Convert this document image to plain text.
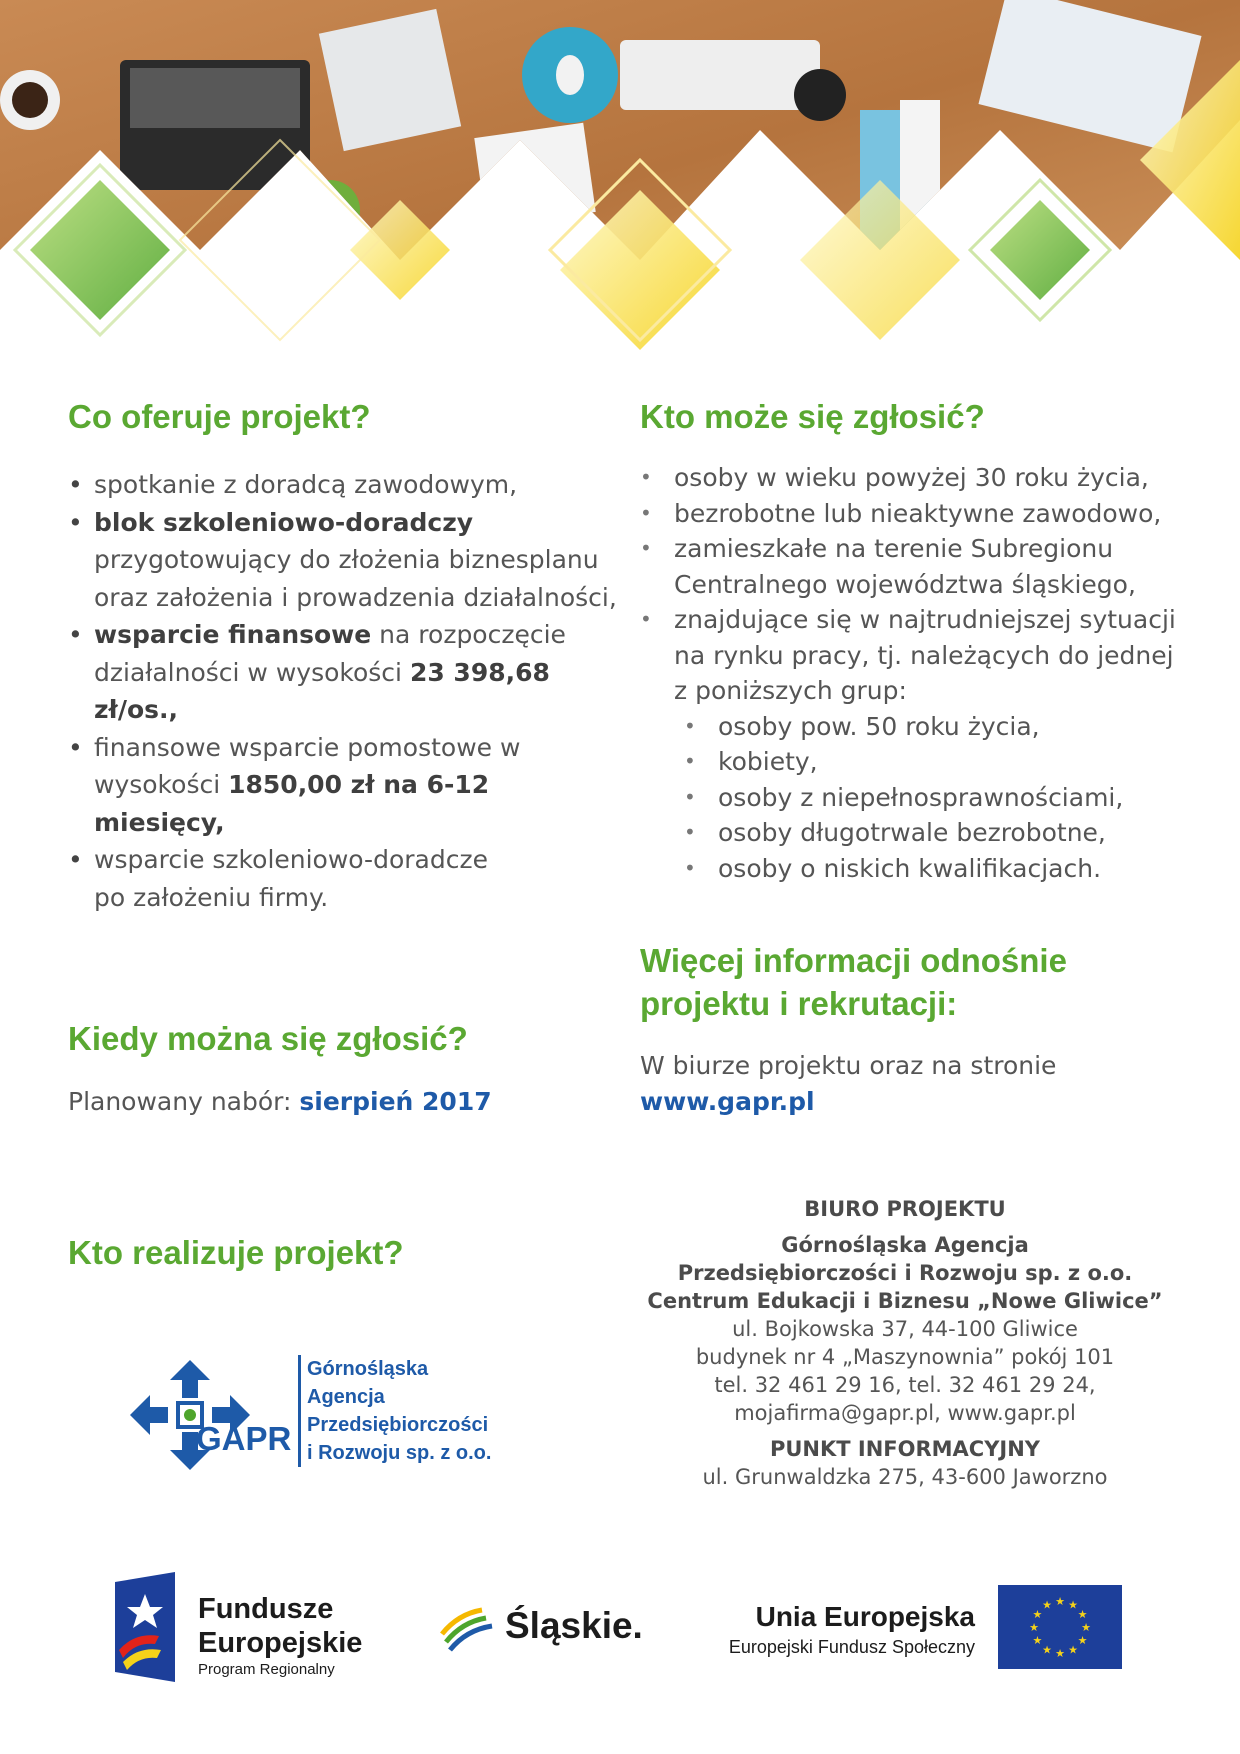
Co oferuje projekt?
• spotkanie z doradcą zawodowym,
• blok szkoleniowo-doradczy przygotowujący do złożenia biznesplanu oraz założenia i prowadzenia działalności,
• wsparcie finansowe na rozpoczęcie działalności w wysokości 23 398,68 zł/os.,
• finansowe wsparcie pomostowe w wysokości 1850,00 zł na 6-12 miesięcy,
• wsparcie szkoleniowo-doradcze po założeniu firmy.
Kto może się zgłosić?
• osoby w wieku powyżej 30 roku życia,
• bezrobotne lub nieaktywne zawodowo,
• zamieszkałe na terenie Subregionu Centralnego województwa śląskiego,
• znajdujące się w najtrudniejszej sytuacji na rynku pracy, tj. należących do jednej z poniższych grup:
• osoby pow. 50 roku życia,
• kobiety,
• osoby z niepełnosprawnościami,
• osoby długotrwale bezrobotne,
• osoby o niskich kwalifikacjach.
Kiedy można się zgłosić?

Planowany nabór: sierpień 2017

Więcej informacji odnośnie
projektu i rekrutacji:

W biurze projektu oraz na stronie
www.gapr.pl

Kto realizuje projekt?
GAPR
Górnośląska
Agencja
Przedsiębiorczości
i Rozwoju sp. z o.o.

BIURO PROJEKTU

Górnośląska Agencja

Przedsiębiorczości i Rozwoju sp. z o.o.

Centrum Edukacji i Biznesu „Nowe Gliwice”

ul. Bojkowska 37, 44-100 Gliwice

budynek nr 4 „Maszynownia” pokój 101

tel. 32 461 29 16, tel. 32 461 29 24,

mojafirma@gapr.pl, www.gapr.pl

PUNKT INFORMACYJNY

ul. Grunwaldzka 275, 43-600 Jaworzno

Fundusze
Europejskie
Program Regionalny
Śląskie.	Unia Europejska
Europejski Fundusz Społeczny
★
★
★
★
★
★
★
★
★ ★ ★
★
